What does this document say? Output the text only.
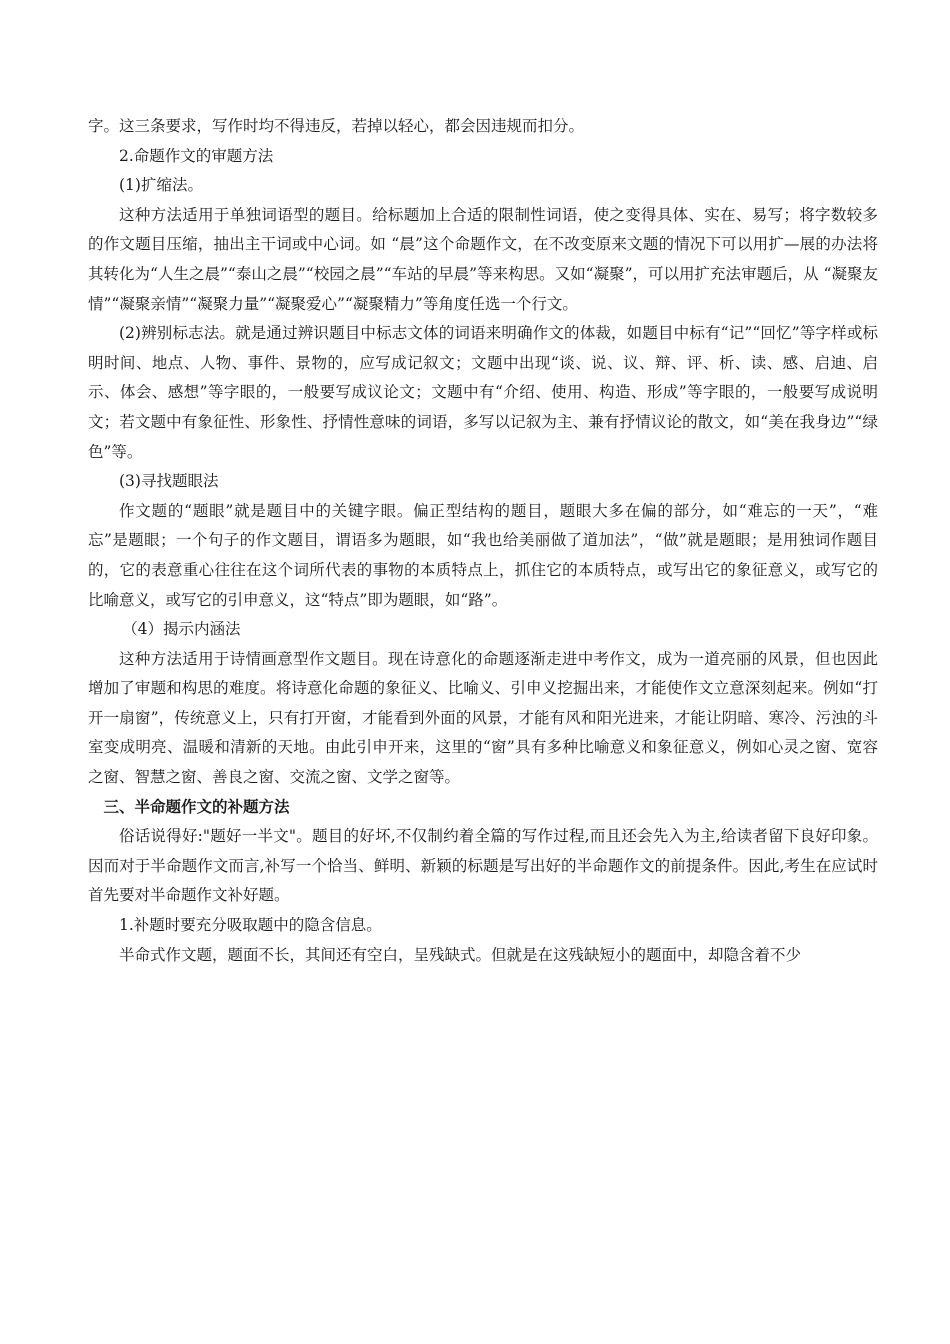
字。这三条要求，写作时均不得违反，若掉以轻心，都会因违规而扣分。

2.命题作文的审题方法

(1)扩缩法。

这种方法适用于单独词语型的题目。给标题加上合适的限制性词语，使之变得具体、实在、易写；将字数较多的作文题目压缩，抽出主干词或中心词。如 “晨”这个命题作文，在不改变原来文题的情况下可以用扩—展的办法将其转化为“人生之晨”“泰山之晨”“校园之晨”“车站的早晨”等来构思。又如“凝聚”，可以用扩充法审题后，从 “凝聚友情”“凝聚亲情”“凝聚力量”“凝聚爱心”“凝聚精力”等角度任选一个行文。

(2)辨别标志法。就是通过辨识题目中标志文体的词语来明确作文的体裁，如题目中标有“记”“回忆”等字样或标明时间、地点、人物、事件、景物的，应写成记叙文；文题中出现“谈、说、议、辩、评、析、读、感、启迪、启示、体会、感想”等字眼的，一般要写成议论文；文题中有“介绍、使用、构造、形成”等字眼的，一般要写成说明文；若文题中有象征性、形象性、抒情性意味的词语，多写以记叙为主、兼有抒情议论的散文，如“美在我身边”“绿色”等。

(3)寻找题眼法

作文题的“题眼”就是题目中的关键字眼。偏正型结构的题目，题眼大多在偏的部分，如“难忘的一天”，“难忘”是题眼；一个句子的作文题目，谓语多为题眼，如“我也给美丽做了道加法”，“做”就是题眼；是用独词作题目的，它的表意重心往往在这个词所代表的事物的本质特点上，抓住它的本质特点，或写出它的象征意义，或写它的比喻意义，或写它的引申意义，这“特点”即为题眼，如“路”。

（4）揭示内涵法

这种方法适用于诗情画意型作文题目。现在诗意化的命题逐渐走进中考作文，成为一道亮丽的风景，但也因此增加了审题和构思的难度。将诗意化命题的象征义、比喻义、引申义挖掘出来，才能使作文立意深刻起来。例如“打开一扇窗”，传统意义上，只有打开窗，才能看到外面的风景，才能有风和阳光进来，才能让阴暗、寒冷、污浊的斗室变成明亮、温暖和清新的天地。由此引申开来，这里的“窗”具有多种比喻意义和象征意义，例如心灵之窗、宽容之窗、智慧之窗、善良之窗、交流之窗、文学之窗等。

三、半命题作文的补题方法

俗话说得好:"题好一半文"。题目的好坏,不仅制约着全篇的写作过程,而且还会先入为主,给读者留下良好印象。因而对于半命题作文而言,补写一个恰当、鲜明、新颖的标题是写出好的半命题作文的前提条件。因此,考生在应试时首先要对半命题作文补好题。

1.补题时要充分吸取题中的隐含信息。

半命式作文题，题面不长，其间还有空白，呈残缺式。但就是在这残缺短小的题面中，却隐含着不少
